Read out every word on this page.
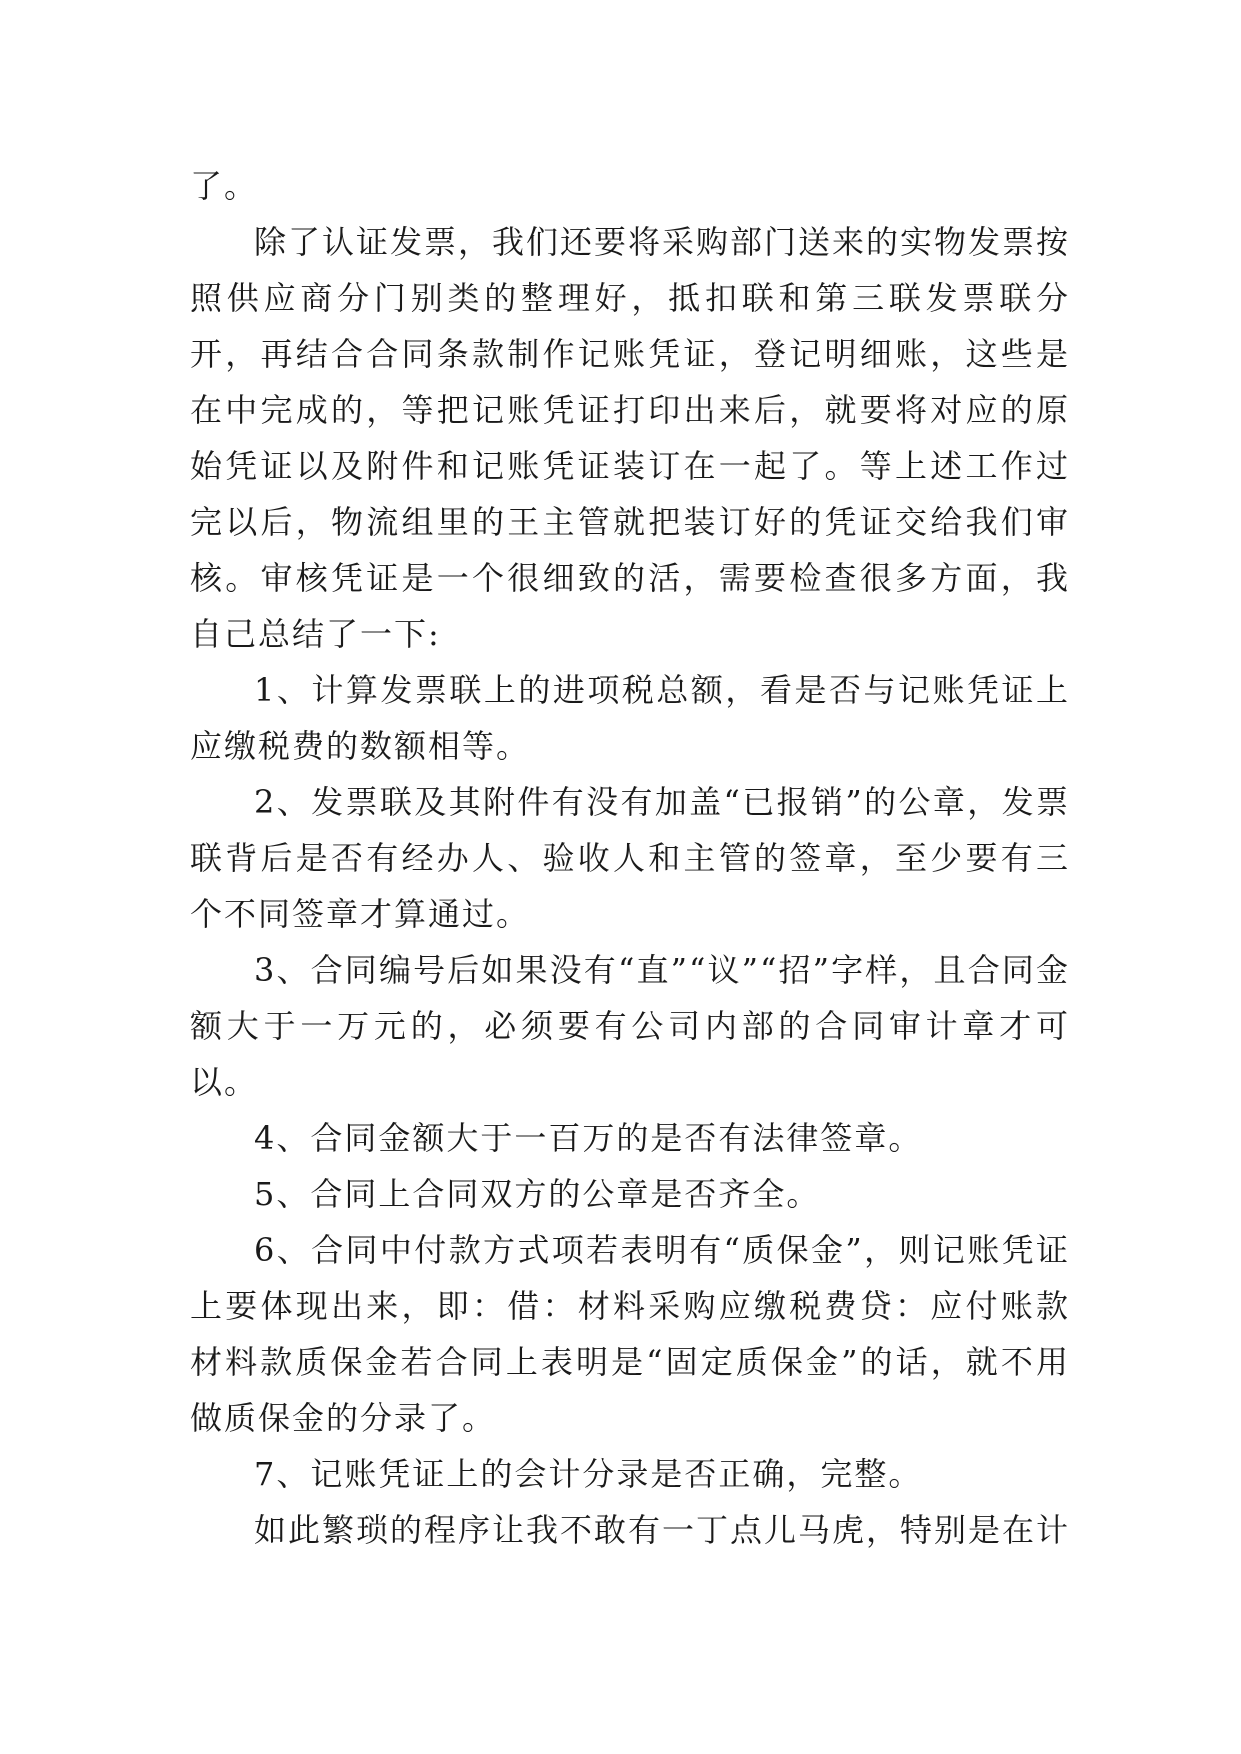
了。

除了认证发票，我们还要将采购部门送来的实物发票按照供应商分门别类的整理好，抵扣联和第三联发票联分开，再结合合同条款制作记账凭证，登记明细账，这些是在中完成的，等把记账凭证打印出来后，就要将对应的原始凭证以及附件和记账凭证装订在一起了。等上述工作过完以后，物流组里的王主管就把装订好的凭证交给我们审核。审核凭证是一个很细致的活，需要检查很多方面，我自己总结了一下:

1、计算发票联上的进项税总额，看是否与记账凭证上应缴税费的数额相等。

2、发票联及其附件有没有加盖“已报销”的公章，发票联背后是否有经办人、验收人和主管的签章，至少要有三个不同签章才算通过。

3、合同编号后如果没有“直”“议”“招”字样，且合同金额大于一万元的，必须要有公司内部的合同审计章才可以。

4、合同金额大于一百万的是否有法律签章。

5、合同上合同双方的公章是否齐全。

6、合同中付款方式项若表明有“质保金”，则记账凭证上要体现出来，即：借：材料采购应缴税费贷：应付账款材料款质保金若合同上表明是“固定质保金”的话，就不用做质保金的分录了。

7、记账凭证上的会计分录是否正确，完整。

如此繁琐的程序让我不敢有一丁点儿马虎，特别是在计
